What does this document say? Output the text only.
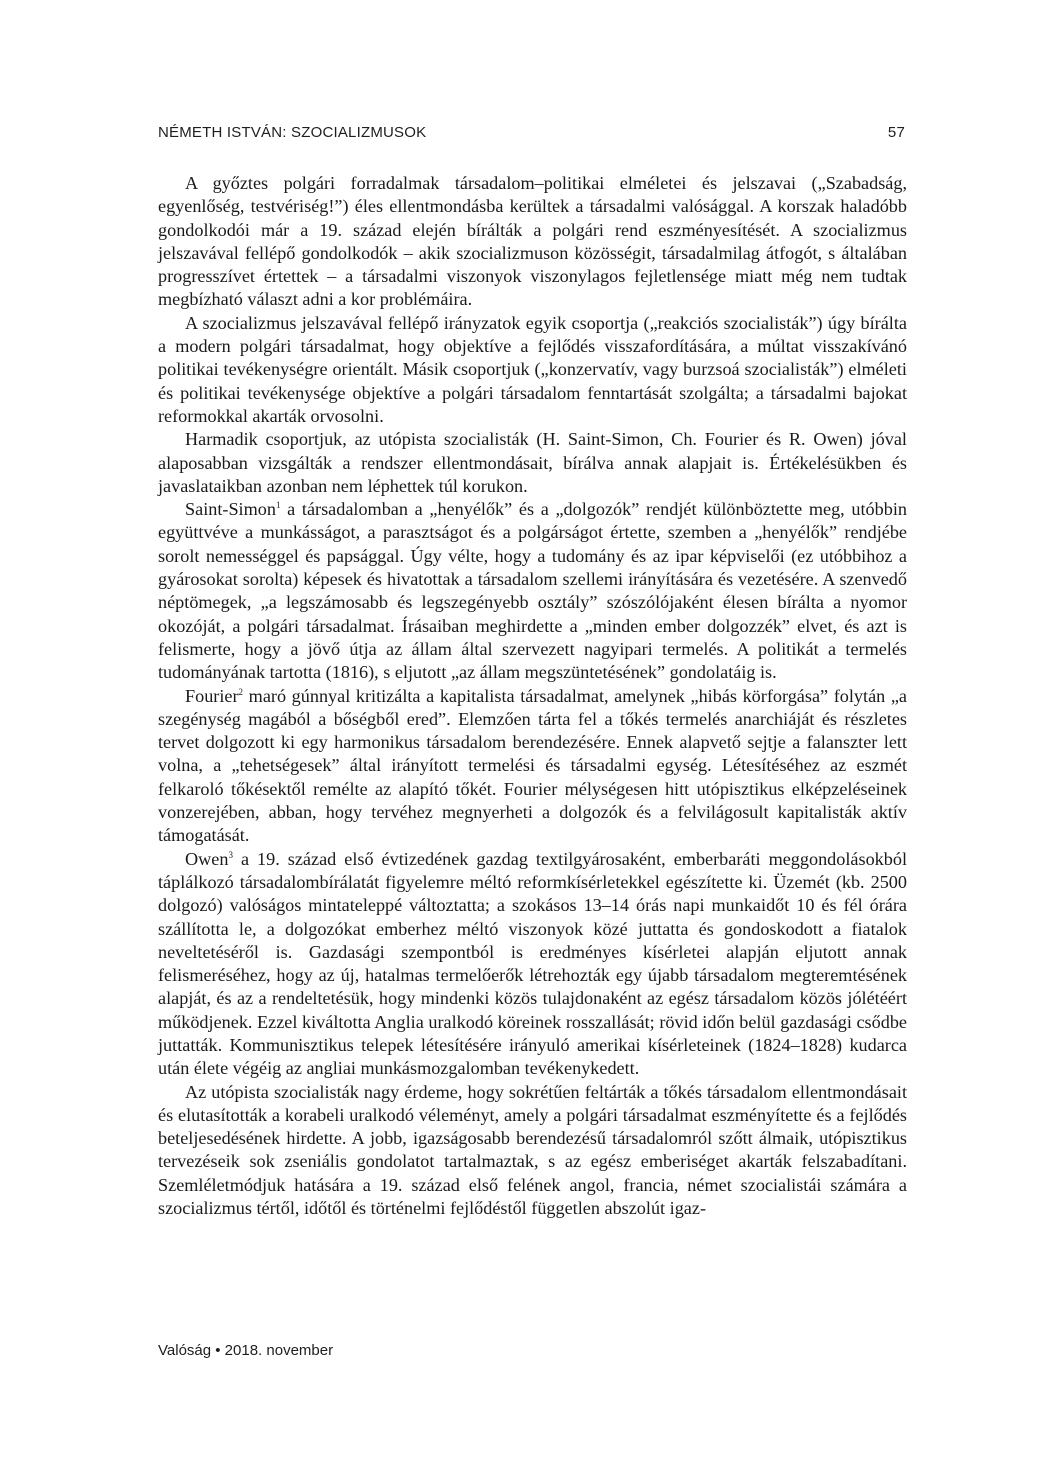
NÉMETH ISTVÁN: SZOCIALIZMUSOK	57

A győztes polgári forradalmak társadalom–politikai elméletei és jelszavai („Szabadság, egyenlőség, testvériség!”) éles ellentmondásba kerültek a társadalmi valósággal. A korszak haladóbb gondolkodói már a 19. század elején bírálták a polgári rend eszményesítését. A szocializmus jelszavával fellépő gondolkodók – akik szocializmuson közösségit, társadalmilag átfogót, s általában progresszívet értettek – a társadalmi viszonyok viszonylagos fejletlensége miatt még nem tudtak megbízható választ adni a kor problémáira.

A szocializmus jelszavával fellépő irányzatok egyik csoportja („reakciós szocialisták”) úgy bírálta a modern polgári társadalmat, hogy objektíve a fejlődés visszafordítására, a múltat visszakívánó politikai tevékenységre orientált. Másik csoportjuk („konzervatív, vagy burzsoá szocialisták”) elméleti és politikai tevékenysége objektíve a polgári társadalom fenntartását szolgálta; a társadalmi bajokat reformokkal akarták orvosolni.

Harmadik csoportjuk, az utópista szocialisták (H. Saint-Simon, Ch. Fourier és R. Owen) jóval alaposabban vizsgálták a rendszer ellentmondásait, bírálva annak alapjait is. Értékelésükben és javaslataikban azonban nem léphettek túl korukon.

Saint-Simon$^1$ a társadalomban a „henyélők” és a „dolgozók” rendjét különböztette meg, utóbbin együttvéve a munkásságot, a parasztságot és a polgárságot értette, szemben a „henyélők” rendjébe sorolt nemességgel és papsággal. Úgy vélte, hogy a tudomány és az ipar képviselői (ez utóbbihoz a gyárosokat sorolta) képesek és hivatottak a társadalom szellemi irányítására és vezetésére. A szenvedő néptömegek, „a legszámosabb és legszegényebb osztály” szószólójaként élesen bírálta a nyomor okozóját, a polgári társadalmat. Írásaiban meghirdette a „minden ember dolgozzék” elvet, és azt is felismerte, hogy a jövő útja az állam által szervezett nagyipari termelés. A politikát a termelés tudományának tartotta (1816), s eljutott „az állam megszüntetésének” gondolatáig is.

Fourier$^2$ maró gúnnyal kritizálta a kapitalista társadalmat, amelynek „hibás körforgása” folytán „a szegénység magából a bőségből ered”. Elemzően tárta fel a tőkés termelés anarchiáját és részletes tervet dolgozott ki egy harmonikus társadalom berendezésére. Ennek alapvető sejtje a falanszter lett volna, a „tehetségesek” által irányított termelési és társadalmi egység. Létesítéséhez az eszmét felkaroló tőkésektől remélte az alapító tőkét. Fourier mélységesen hitt utópisztikus elképzeléseinek vonzerejében, abban, hogy tervéhez megnyerheti a dolgozók és a felvilágosult kapitalisták aktív támogatását.

Owen$^3$ a 19. század első évtizedének gazdag textilgyárosaként, emberbaráti meggondolásokból táplálkozó társadalombírálatát figyelemre méltó reformkísérletekkel egészítette ki. Üzemét (kb. 2500 dolgozó) valóságos mintateleppé változtatta; a szokásos 13–14 órás napi munkaidőt 10 és fél órára szállította le, a dolgozókat emberhez méltó viszonyok közé juttatta és gondoskodott a fiatalok neveltetéséről is. Gazdasági szempontból is eredményes kísérletei alapján eljutott annak felismeréséhez, hogy az új, hatalmas termelőerők létrehozták egy újabb társadalom megteremtésének alapját, és az a rendeltetésük, hogy mindenki közös tulajdonaként az egész társadalom közös jólétéért működjenek. Ezzel kiváltotta Anglia uralkodó köreinek rosszallását; rövid időn belül gazdasági csődbe juttatták. Kommunisztikus telepek létesítésére irányuló amerikai kísérleteinek (1824–1828) kudarca után élete végéig az angliai munkásmozgalomban tevékenykedett.

Az utópista szocialisták nagy érdeme, hogy sokrétűen feltárták a tőkés társadalom ellentmondásait és elutasították a korabeli uralkodó véleményt, amely a polgári társadalmat eszményítette és a fejlődés beteljesedésének hirdette. A jobb, igazságosabb berendezésű társadalomról szőtt álmaik, utópisztikus tervezéseik sok zseniális gondolatot tartalmaztak, s az egész emberiséget akarták felszabadítani. Szemléletmódjuk hatására a 19. század első felének angol, francia, német szocialistái számára a szocializmus tértől, időtől és történelmi fejlődéstől független abszolút igaz-

Valóság • 2018. november
